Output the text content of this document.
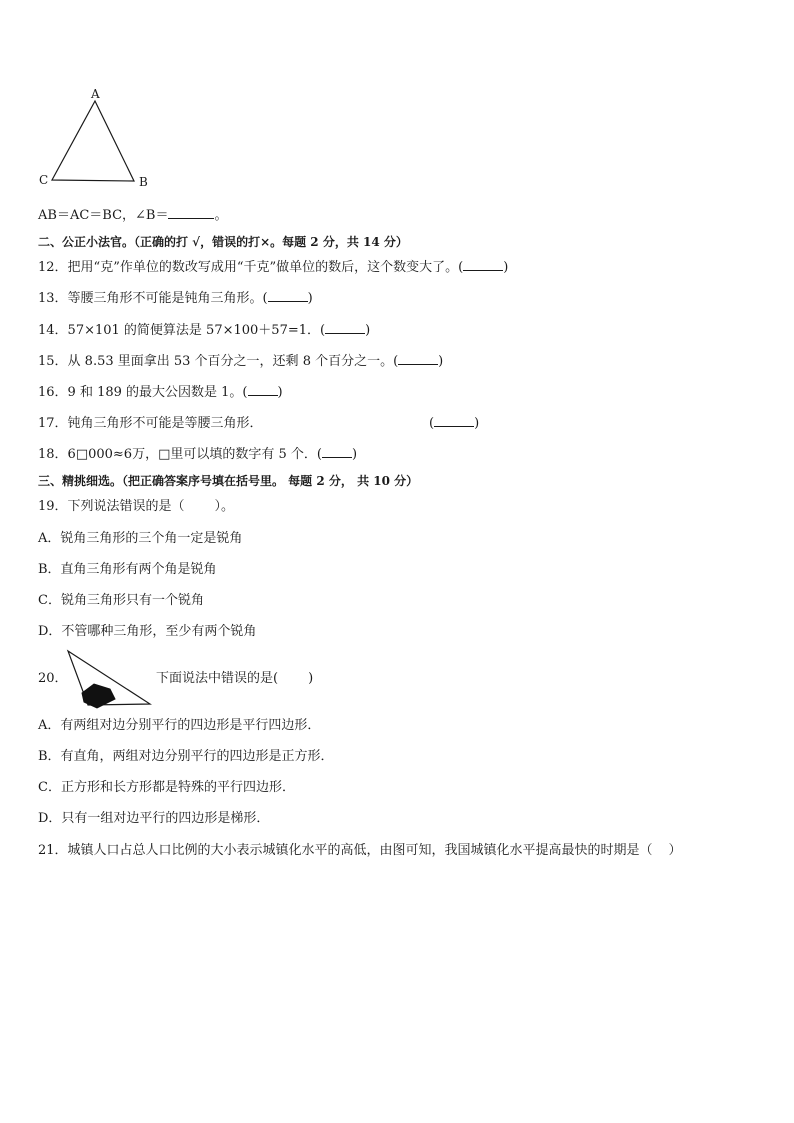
A
B
C
AB＝AC＝BC，∠B＝	。
二、公正小法官。（正确的打 √，错误的打×。每题 2 分，共 14 分）
12．把用“克”作单位的数改写成用“千克”做单位的数后，这个数变大了。(	)
13．等腰三角形不可能是钝角三角形。(	)
14．57×101 的简便算法是 57×100＋57=1．(	)
15．从 8.53 里面拿出 53 个百分之一，还剩 8 个百分之一。(	)
16．9 和 189 的最大公因数是 1。( )
17．钝角三角形不可能是等腰三角形．	(	)
18．6□000≈6万，□里可以填的数字有 5 个．( )
三、精挑细选。（把正确答案序号填在括号里。 每题 2 分， 共 10 分）
19．下列说法错误的是（ ）。
A．锐角三角形的三个角一定是锐角
B．直角三角形有两个角是锐角
C．锐角三角形只有一个锐角
D．不管哪种三角形，至少有两个锐角
20．	下面说法中错误的是( )
A．有两组对边分别平行的四边形是平行四边形．
B．有直角，两组对边分别平行的四边形是正方形．
C．正方形和长方形都是特殊的平行四边形．
D．只有一组对边平行的四边形是梯形．
21．城镇人口占总人口比例的大小表示城镇化水平的高低，由图可知，我国城镇化水平提高最快的时期是（ ）
